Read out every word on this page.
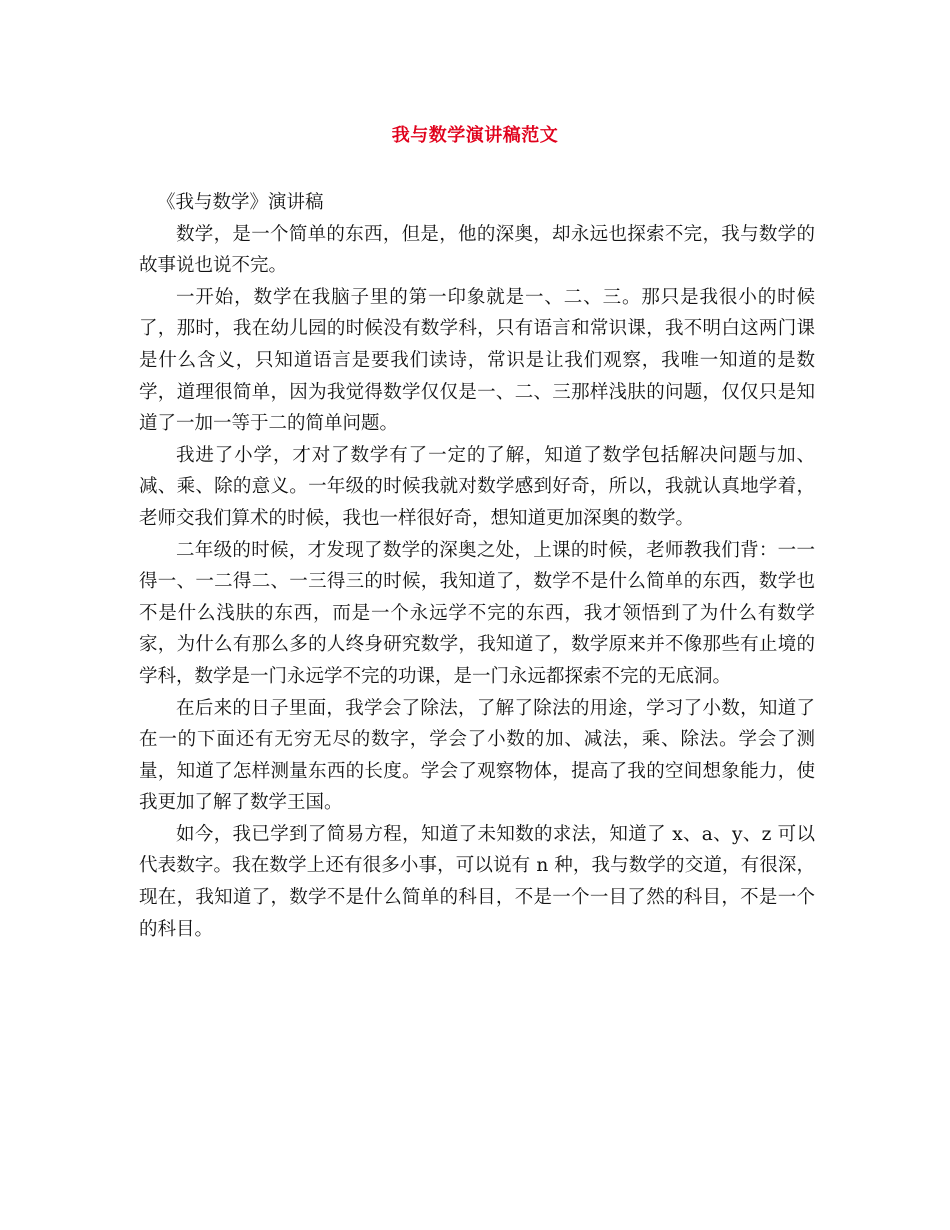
我与数学演讲稿范文

《我与数学》演讲稿

数学，是一个简单的东西，但是，他的深奥，却永远也探索不完，我与数学的故事说也说不完。

一开始，数学在我脑子里的第一印象就是一、二、三。那只是我很小的时候了，那时，我在幼儿园的时候没有数学科，只有语言和常识课，我不明白这两门课是什么含义，只知道语言是要我们读诗，常识是让我们观察，我唯一知道的是数学，道理很简单，因为我觉得数学仅仅是一、二、三那样浅肤的问题，仅仅只是知道了一加一等于二的简单问题。

我进了小学，才对了数学有了一定的了解，知道了数学包括解决问题与加、减、乘、除的意义。一年级的时候我就对数学感到好奇，所以，我就认真地学着，老师交我们算术的时候，我也一样很好奇，想知道更加深奥的数学。

二年级的时候，才发现了数学的深奥之处，上课的时候，老师教我们背：一一得一、一二得二、一三得三的时候，我知道了，数学不是什么简单的东西，数学也不是什么浅肤的东西，而是一个永远学不完的东西，我才领悟到了为什么有数学家，为什么有那么多的人终身研究数学，我知道了，数学原来并不像那些有止境的学科，数学是一门永远学不完的功课，是一门永远都探索不完的无底洞。

在后来的日子里面，我学会了除法，了解了除法的用途，学习了小数，知道了在一的下面还有无穷无尽的数字，学会了小数的加、减法，乘、除法。学会了测量，知道了怎样测量东西的长度。学会了观察物体，提高了我的空间想象能力，使我更加了解了数学王国。

如今，我已学到了简易方程，知道了未知数的求法，知道了 x、a、y、z 可以代表数字。我在数学上还有很多小事，可以说有 n 种，我与数学的交道，有很深，现在，我知道了，数学不是什么简单的科目，不是一个一目了然的科目，不是一个的科目。
